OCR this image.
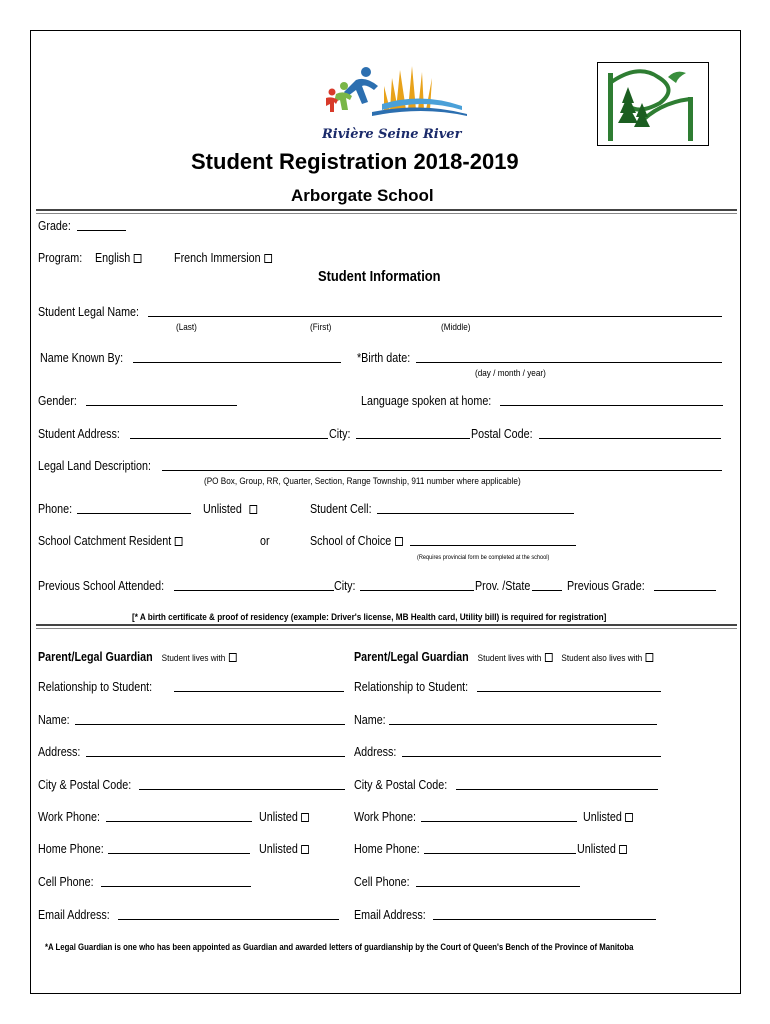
Rivière Seine River
Student Registration 2018-2019
Arborgate School
Grade:
Program: English	French Immersion
Student Information
Student Legal Name:
(Last)	(First)	(Middle)
Name Known By:	*Birth date:
(day / month / year)
Gender:	Language spoken at home:
Student Address:	City:	Postal Code:
Legal Land Description:
(PO Box, Group, RR, Quarter, Section, Range Township, 911 number where applicable)
Phone:	Unlisted	Student Cell:
School Catchment Resident	or	School of Choice
(Requires provincial form be completed at the school)
Previous School Attended:	City:	Prov. /State	Previous Grade:
[* A birth certificate & proof of residency (example: Driver's license, MB Health card, Utility bill) is required for registration]
Parent/Legal Guardian Student lives with
Relationship to Student:
Name:
Address:
City & Postal Code:
Work Phone:	Unlisted
Home Phone:	Unlisted
Cell Phone:
Email Address:
Parent/Legal Guardian Student lives with Student also lives with
Relationship to Student:
Name:
Address:
City & Postal Code:
Work Phone:	Unlisted
Home Phone:	Unlisted
Cell Phone:
Email Address:
*A Legal Guardian is one who has been appointed as Guardian and awarded letters of guardianship by the Court of Queen's Bench of the Province of Manitoba
